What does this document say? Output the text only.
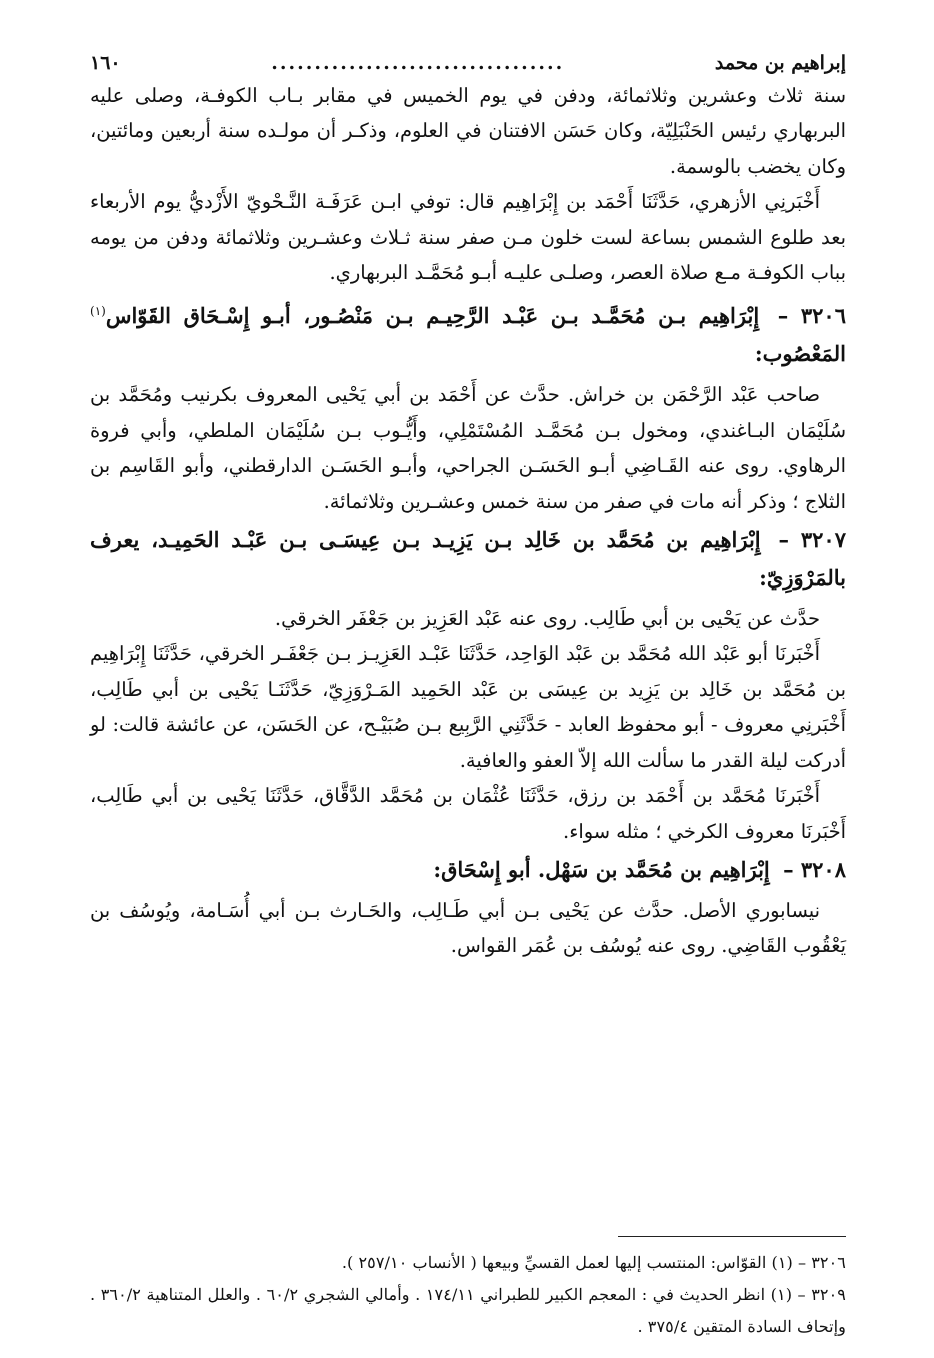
إبراهيم بن محمد
..................................
١٦٠

سنة ثلاث وعشرين وثلاثمائة، ودفن في يوم الخميس في مقابر بـاب الكوفـة، وصلى عليه البربهاري رئيس الحَنْبَلِيّة، وكان حَسَن الافتنان في العلوم، وذكـر أن مولـده سنة أربعين ومائتين، وكان يخضب بالوسمة.

أَخْبَرنِي الأزهري، حَدَّثَنَا أَحْمَد بن إِبْرَاهِيم قال: توفي ابـن عَرَفَـة النَّـحْويّ الأَزْديُّ يوم الأربعاء بعد طلوع الشمس بساعة لست خلون مـن صفر سنة ثـلاث وعشـرين وثلاثمائة ودفن من يومه بباب الكوفـة مـع صلاة العصر، وصلـى عليـه أبـو مُحَمَّـد البربهاري.

٣٢٠٦ – إِبْرَاهِيم بـن مُحَمَّـد بـن عَبْـد الرَّحِيـم بـن مَنْصُـور، أبـو إِسْـحَاق القَوّاس$^{(١)}$ المَعْصُوب:

صاحب عَبْد الرَّحْمَن بن خراش. حدَّث عن أَحْمَد بن أبي يَحْيى المعروف بكرنيب ومُحَمَّد بن سُلَيْمَان البـاغندي، ومخول بـن مُحَمَّـد المُسْتَمْلِي، وأَيُّـوب بـن سُلَيْمَان الملطي، وأبي فروة الرهاوي. روى عنه القَـاضِي أبـو الحَسَـن الجراحي، وأبـو الحَسَـن الدارقطني، وأبو القَاسِم بن الثلاج ؛ وذكر أنه مات في صفر من سنة خمس وعشـرين وثلاثمائة.

٣٢٠٧ – إِبْرَاهِيم بن مُحَمَّد بن خَالِد بـن يَزِيـد بـن عِيسَـى بـن عَبْـد الحَمِيـد، يعرف بالمَرْوَزِيّ:

حدَّث عن يَحْيى بن أبي طَالِب. روى عنه عَبْد العَزِيز بن جَعْفَر الخرقي.

أَخْبَرنَا أبو عَبْد الله مُحَمَّد بن عَبْد الوَاحِد، حَدَّثَنَا عَبْـد العَزِيـز بـن جَعْفَـر الخرقي، حَدَّثَنَا إِبْرَاهِيم بن مُحَمَّد بن خَالِد بن يَزِيد بن عِيسَى بن عَبْد الحَمِيد المَـرْوَزِيّ، حَدَّثَنَـا يَحْيى بن أبي طَالِب، أَخْبَرنِي معروف - أبو محفوظ العابد - حَدَّثَنِي الرَّبِيع بـن صُبَيْـح، عن الحَسَن، عن عائشة قالت: لو أدركت ليلة القدر ما سألت الله إلاّ العفو والعافية.

أَخْبَرنَا مُحَمَّد بن أَحْمَد بن رزق، حَدَّثَنَا عُثْمَان بن مُحَمَّد الدَّقَّاق، حَدَّثَنَا يَحْيى بن أبي طَالِب، أَخْبَرنَا معروف الكرخي ؛ مثله سواء.

٣٢٠٨ – إِبْرَاهِيم بن مُحَمَّد بن سَهْل. أبو إِسْحَاق:

نيسابوري الأصل. حدَّث عن يَحْيى بـن أبي طَـالِب، والحَـارث بـن أبي أُسَـامة، ويُوسُف بن يَعْقُوب القَاضِي. روى عنه يُوسُف بن عُمَر القواس.

٣٢٠٦ – (١) القوّاس: المنتسب إليها لعمل القسيِّ وبيعها ( الأنساب ٢٥٧/١٠ ).

٣٢٠٩ – (١) انظر الحديث في : المعجم الكبير للطبراني ١٧٤/١١ . وأمالي الشجري ٦٠/٢ . والعلل المتناهية ٣٦٠/٢ . وإتحاف السادة المتقين ٣٧٥/٤ .
